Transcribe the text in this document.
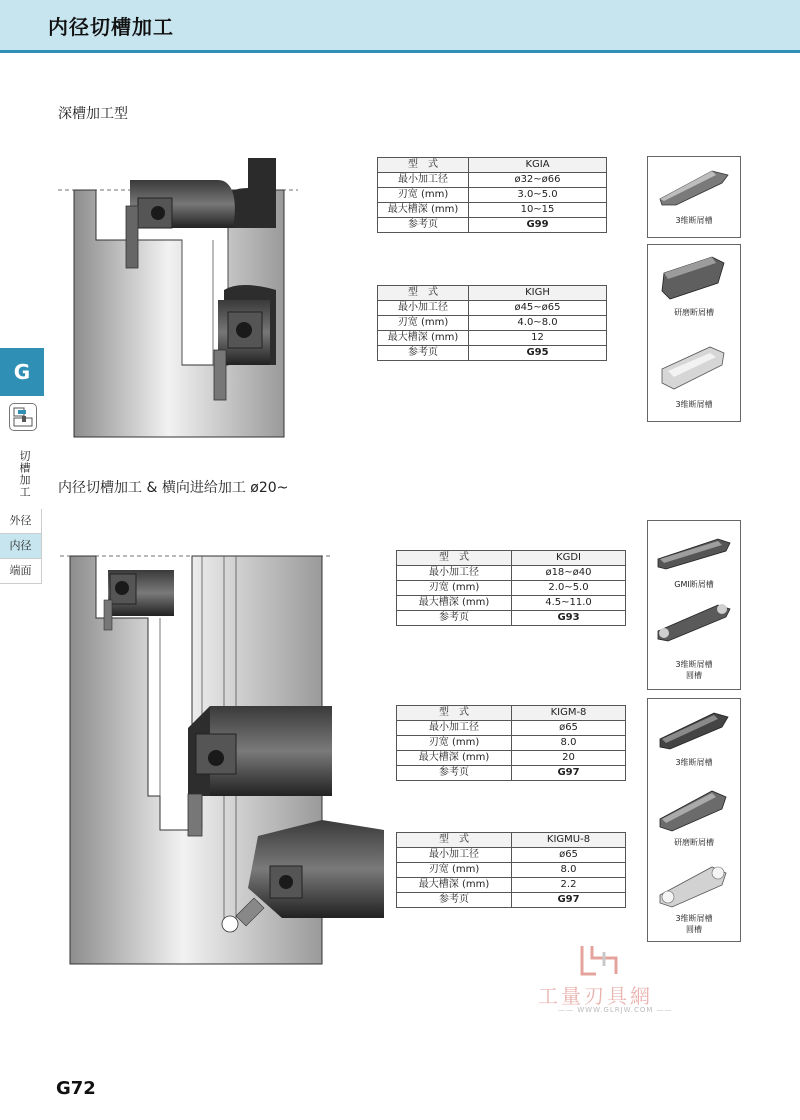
内径切槽加工
深槽加工型
内径切槽加工 & 横向进给加工 ø20~
G
切槽加工
外径
内径
端面
型　式	KGIA
最小加工径	ø32~ø66
刃宽 (mm)	3.0~5.0
最大槽深 (mm)	10~15
参考页	G99
型　式	KIGH
最小加工径	ø45~ø65
刃宽 (mm)	4.0~8.0
最大槽深 (mm)	12
参考页	G95
3维断屑槽
研磨断屑槽
3维断屑槽
型　式	KGDI
最小加工径	ø18~ø40
刃宽 (mm)	2.0~5.0
最大槽深 (mm)	4.5~11.0
参考页	G93
型　式	KIGM-8
最小加工径	ø65
刃宽 (mm)	8.0
最大槽深 (mm)	20
参考页	G97
型　式	KIGMU-8
最小加工径	ø65
刃宽 (mm)	8.0
最大槽深 (mm)	2.2
参考页	G97
GMI断屑槽
3维断屑槽
圆槽
3维断屑槽
研磨断屑槽
3维断屑槽
圆槽
工量刃具網
—— WWW.GLRJW.COM ——
G72
